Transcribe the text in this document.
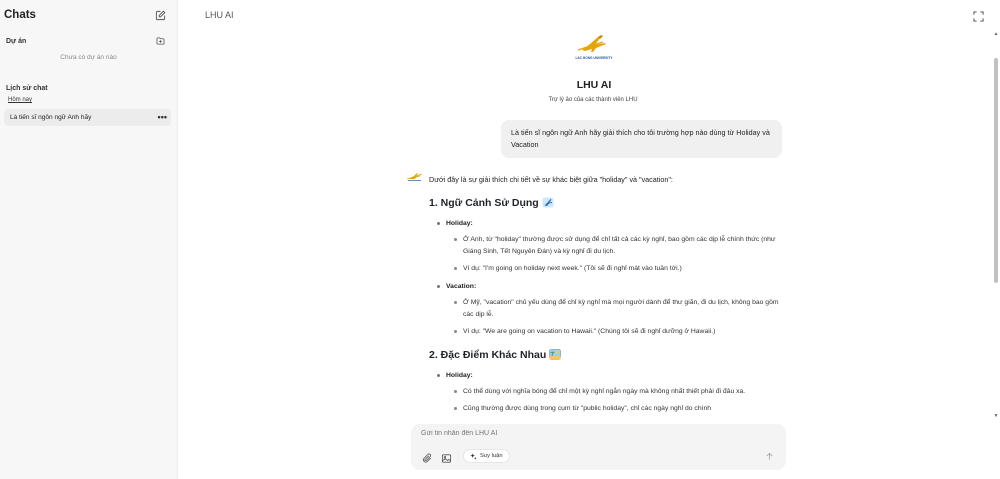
Chats
Dự án
Chưa có dự án nào
Lịch sử chat
Hôm nay
Là tiến sĩ ngôn ngữ Anh hãy	•••
LHU AI
LAC HONG UNIVERSITY
LHU AI
Trợ lý ảo của các thành viên LHU
Là tiến sĩ ngôn ngữ Anh hãy giải thích cho tôi trường hợp nào dùng từ Holiday và Vacation
Dưới đây là sự giải thích chi tiết về sự khác biệt giữa "holiday" và "vacation":
1. Ngữ Cảnh Sử Dụng
Holiday:
Ở Anh, từ "holiday" thường được sử dụng để chỉ tất cả các kỳ nghỉ, bao gồm các dịp lễ chính thức (như Giáng Sinh, Tết Nguyên Đán) và kỳ nghỉ đi du lịch.
Ví dụ: "I'm going on holiday next week." (Tôi sẽ đi nghỉ mát vào tuần tới.)
Vacation:
Ở Mỹ, "vacation" chủ yếu dùng để chỉ kỳ nghỉ mà mọi người dành để thư giãn, đi du lịch, không bao gồm các dịp lễ.
Ví dụ: "We are going on vacation to Hawaii." (Chúng tôi sẽ đi nghỉ dưỡng ở Hawaii.)
2. Đặc Điểm Khác Nhau
Holiday:
Có thể dùng với nghĩa bóng để chỉ một kỳ nghỉ ngắn ngày mà không nhất thiết phải đi đâu xa.
Cũng thường được dùng trong cụm từ "public holiday", chỉ các ngày nghỉ do chính
Gửi tin nhắn đến LHU AI
Suy luận
▲
▼
